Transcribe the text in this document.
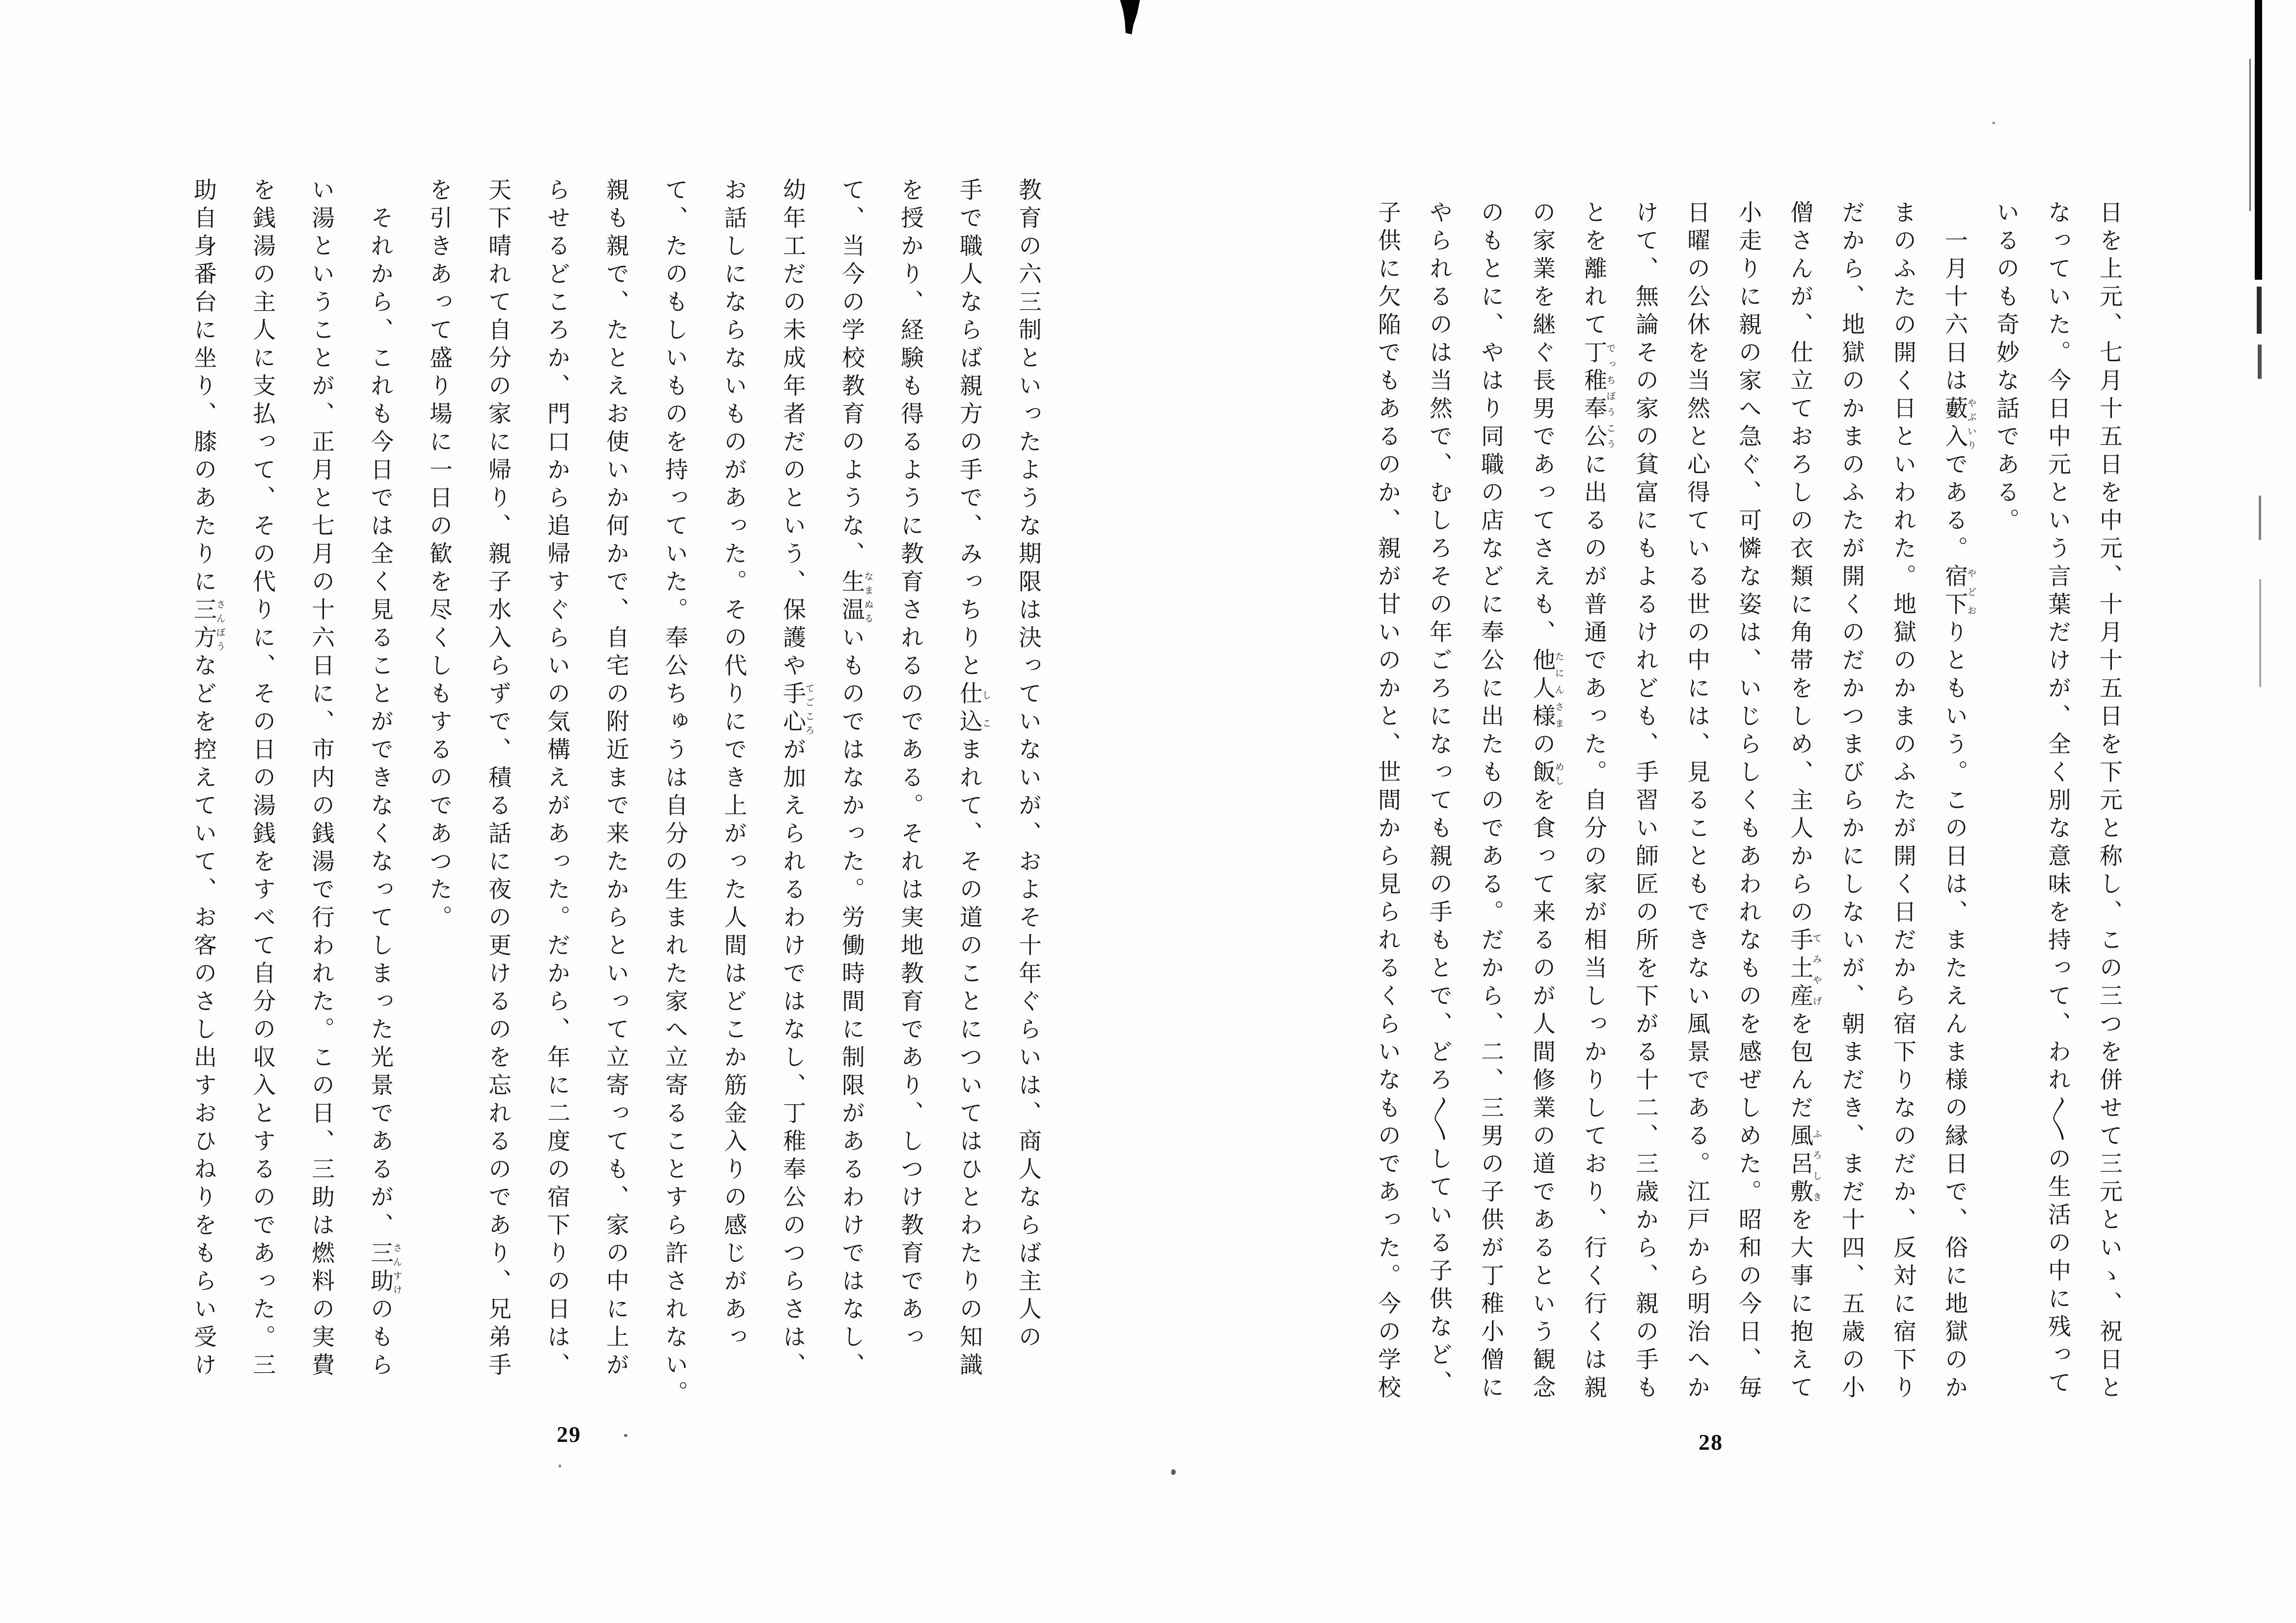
日を上元、七月十五日を中元、十月十五日を下元と称し、この三つを併せて三元といゝ、祝日と

なっていた。今日中元という言葉だけが、全く別な意味を持って、われ〱の生活の中に残って

いるのも奇妙な話である。

　一月十六日は藪入やぶいりである。宿下やどおりともいう。この日は、またえんま様の縁日で、俗に地獄のか

まのふたの開く日といわれた。地獄のかまのふたが開く日だから宿下りなのだか、反対に宿下り

だから、地獄のかまのふたが開くのだかつまびらかにしないが、朝まだき、まだ十四、五歳の小

僧さんが、仕立ておろしの衣類に角帯をしめ、主人からの手土産てみやげを包んだ風呂敷ふろしきを大事に抱えて

小走りに親の家へ急ぐ、可憐な姿は、いじらしくもあわれなものを感ぜしめた。昭和の今日、毎

日曜の公休を当然と心得ている世の中には、見ることもできない風景である。江戸から明治へか

けて、無論その家の貧富にもよるけれども、手習い師匠の所を下がる十二、三歳から、親の手も

とを離れて丁稚奉公でっちぼうこうに出るのが普通であった。自分の家が相当しっかりしており、行く行くは親

の家業を継ぐ長男であってさえも、他人様たにんさまの飯めしを食って来るのが人間修業の道であるという観念

のもとに、やはり同職の店などに奉公に出たものである。だから、二、三男の子供が丁稚小僧に

やられるのは当然で、むしろその年ごろになっても親の手もとで、どろ〱している子供など、

子供に欠陥でもあるのか、親が甘いのかと、世間から見られるくらいなものであった。今の学校

教育の六三制といったような期限は決っていないが、およそ十年ぐらいは、商人ならば主人の

手で職人ならば親方の手で、みっちりと仕込しこまれて、その道のことについてはひとわたりの知識

を授かり、経験も得るように教育されるのである。それは実地教育であり、しつけ教育であっ

て、当今の学校教育のような、生温なまぬるいものではなかった。労働時間に制限があるわけではなし、

幼年工だの未成年者だのという、保護や手心てごころが加えられるわけではなし、丁稚奉公のつらさは、

お話しにならないものがあった。その代りにでき上がった人間はどこか筋金入りの感じがあっ

て、たのもしいものを持っていた。奉公ちゅうは自分の生まれた家へ立寄ることすら許されない。

親も親で、たとえお使いか何かで、自宅の附近まで来たからといって立寄っても、家の中に上が

らせるどころか、門口から追帰すぐらいの気構えがあった。だから、年に二度の宿下りの日は、

天下晴れて自分の家に帰り、親子水入らずで、積る話に夜の更けるのを忘れるのであり、兄弟手

を引きあって盛り場に一日の歓を尽くしもするのであつた。

　それから、これも今日では全く見ることができなくなってしまった光景であるが、三助さんすけのもら

い湯ということが、正月と七月の十六日に、市内の銭湯で行われた。この日、三助は燃料の実費

を銭湯の主人に支払って、その代りに、その日の湯銭をすべて自分の収入とするのであった。三

助自身番台に坐り、膝のあたりに三方さんぼうなどを控えていて、お客のさし出すおひねりをもらい受け

28
29
